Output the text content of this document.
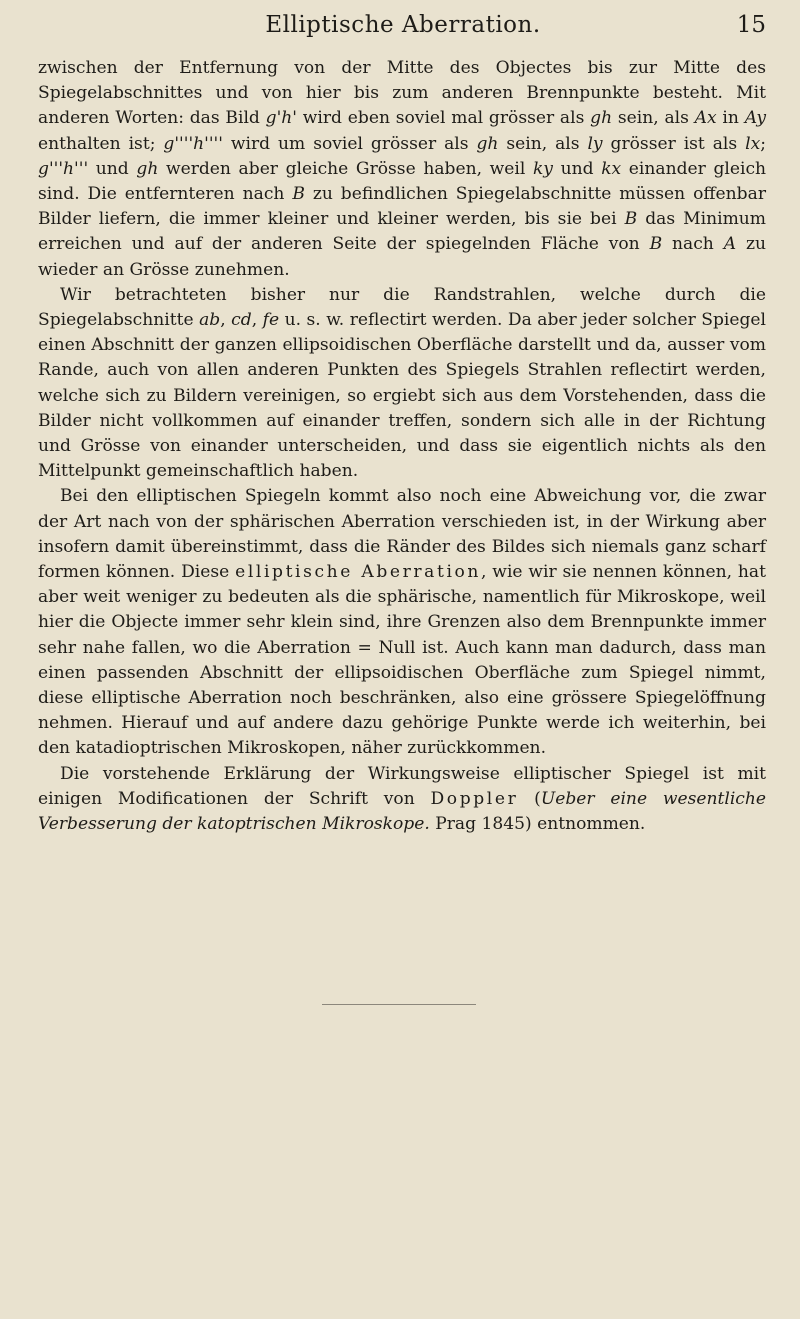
Elliptische Aberration.	15

zwischen der Entfernung von der Mitte des Objectes bis zur Mitte des Spiegelabschnittes und von hier bis zum anderen Brennpunkte besteht. Mit anderen Worten: das Bild g'h' wird eben soviel mal grösser als gh sein, als Ax in Ay enthalten ist; g''''h'''' wird um soviel grösser als gh sein, als ly grösser ist als lx; g'''h''' und gh werden aber gleiche Grösse haben, weil ky und kx einander gleich sind. Die entfernteren nach B zu befindlichen Spiegelabschnitte müssen offenbar Bilder liefern, die immer kleiner und kleiner werden, bis sie bei B das Minimum erreichen und auf der anderen Seite der spiegelnden Fläche von B nach A zu wieder an Grösse zunehmen.

Wir betrachteten bisher nur die Randstrahlen, welche durch die Spiegelabschnitte ab, cd, fe u. s. w. reflectirt werden. Da aber jeder solcher Spiegel einen Abschnitt der ganzen ellipsoidischen Oberfläche darstellt und da, ausser vom Rande, auch von allen anderen Punkten des Spiegels Strahlen reflectirt werden, welche sich zu Bildern vereinigen, so ergiebt sich aus dem Vorstehenden, dass die Bilder nicht vollkommen auf einander treffen, sondern sich alle in der Richtung und Grösse von einander unterscheiden, und dass sie eigentlich nichts als den Mittelpunkt gemeinschaftlich haben.

Bei den elliptischen Spiegeln kommt also noch eine Abweichung vor, die zwar der Art nach von der sphärischen Aberration verschieden ist, in der Wirkung aber insofern damit übereinstimmt, dass die Ränder des Bildes sich niemals ganz scharf formen können. Diese elliptische Aberration, wie wir sie nennen können, hat aber weit weniger zu bedeuten als die sphärische, namentlich für Mikroskope, weil hier die Objecte immer sehr klein sind, ihre Grenzen also dem Brennpunkte immer sehr nahe fallen, wo die Aberration = Null ist. Auch kann man dadurch, dass man einen passenden Abschnitt der ellipsoidischen Oberfläche zum Spiegel nimmt, diese elliptische Aberration noch beschränken, also eine grössere Spiegelöffnung nehmen. Hierauf und auf andere dazu gehörige Punkte werde ich weiterhin, bei den katadioptrischen Mikroskopen, näher zurückkommen.

Die vorstehende Erklärung der Wirkungsweise elliptischer Spiegel ist mit einigen Modificationen der Schrift von Doppler (Ueber eine wesentliche Verbesserung der katoptrischen Mikroskope. Prag 1845) entnommen.
